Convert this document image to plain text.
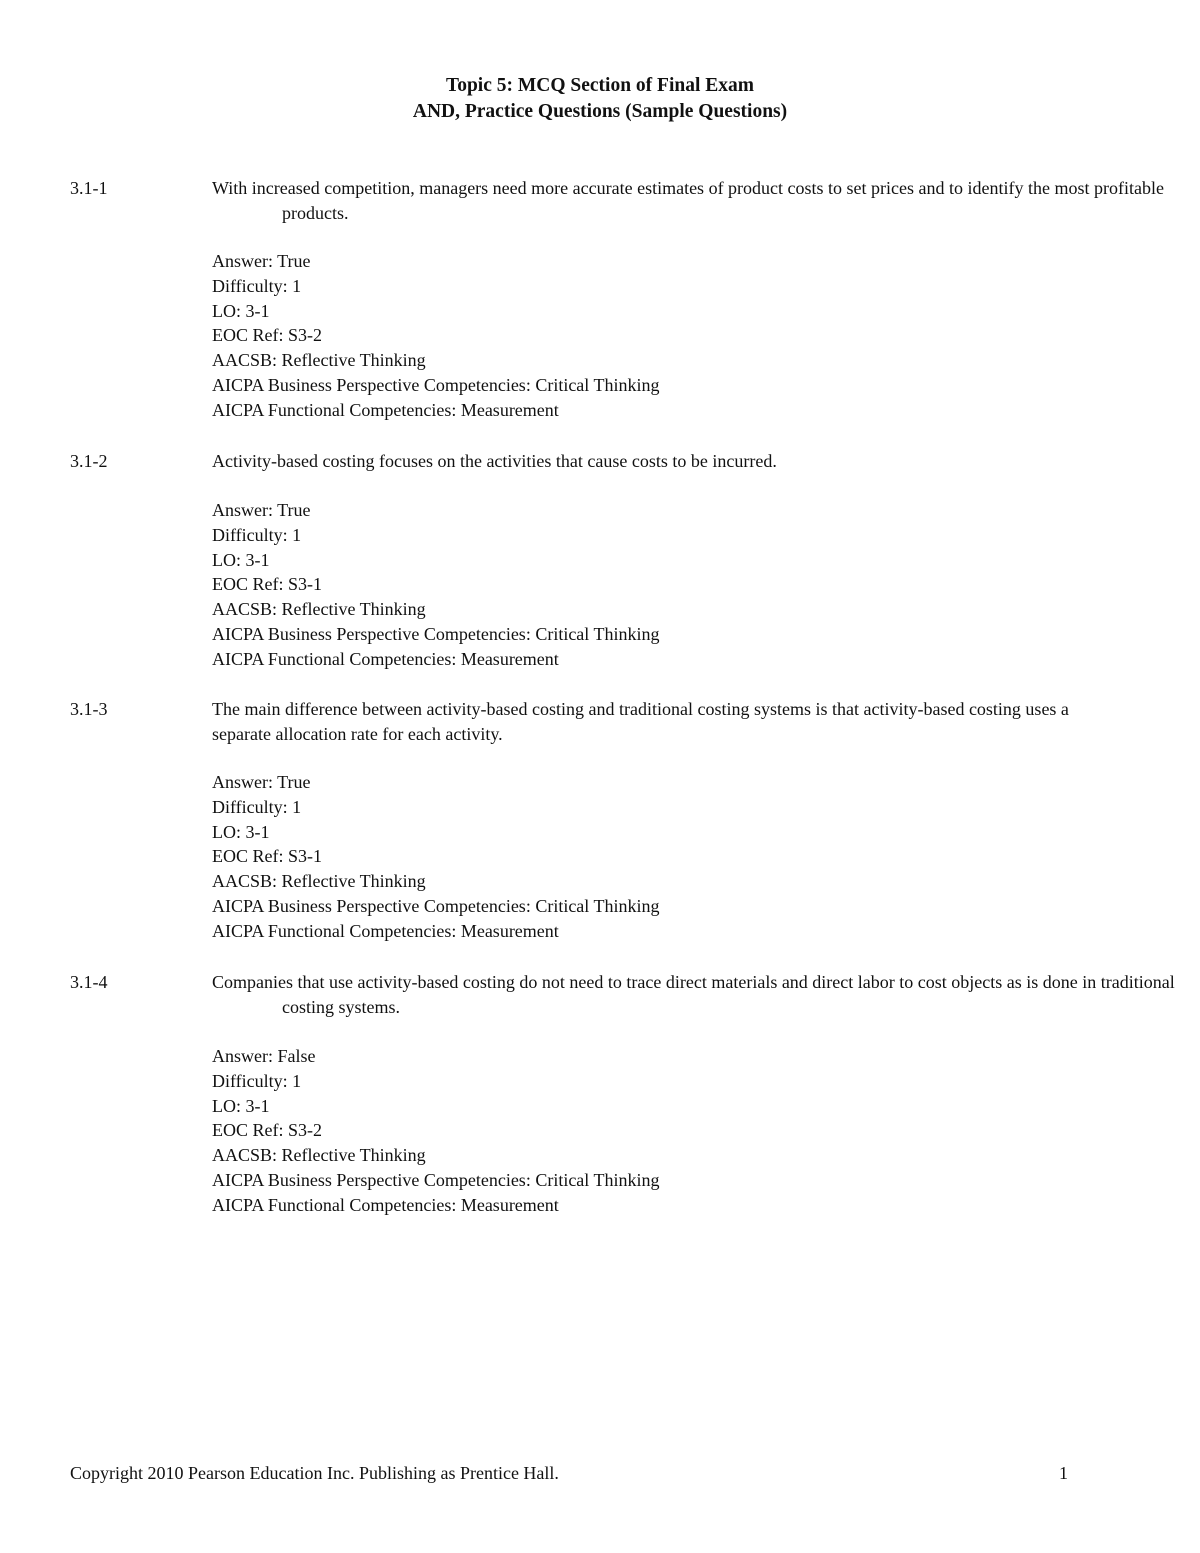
Topic 5: MCQ Section of Final Exam
AND, Practice Questions (Sample Questions)
3.1-1	With increased competition, managers need more accurate estimates of product costs to set prices and to identify the most profitable products.
Answer: True
Difficulty: 1
LO: 3-1
EOC Ref: S3-2
AACSB: Reflective Thinking
AICPA Business Perspective Competencies: Critical Thinking
AICPA Functional Competencies: Measurement
3.1-2	Activity-based costing focuses on the activities that cause costs to be incurred.
Answer: True
Difficulty: 1
LO: 3-1
EOC Ref: S3-1
AACSB: Reflective Thinking
AICPA Business Perspective Competencies: Critical Thinking
AICPA Functional Competencies: Measurement
3.1-3	The main difference between activity-based costing and traditional costing systems is that activity-based costing uses a separate allocation rate for each activity.
Answer: True
Difficulty: 1
LO: 3-1
EOC Ref: S3-1
AACSB: Reflective Thinking
AICPA Business Perspective Competencies: Critical Thinking
AICPA Functional Competencies: Measurement
3.1-4	Companies that use activity-based costing do not need to trace direct materials and direct labor to cost objects as is done in traditional costing systems.
Answer: False
Difficulty: 1
LO: 3-1
EOC Ref: S3-2
AACSB: Reflective Thinking
AICPA Business Perspective Competencies: Critical Thinking
AICPA Functional Competencies: Measurement
Copyright 2010 Pearson Education Inc. Publishing as Prentice Hall.	1
